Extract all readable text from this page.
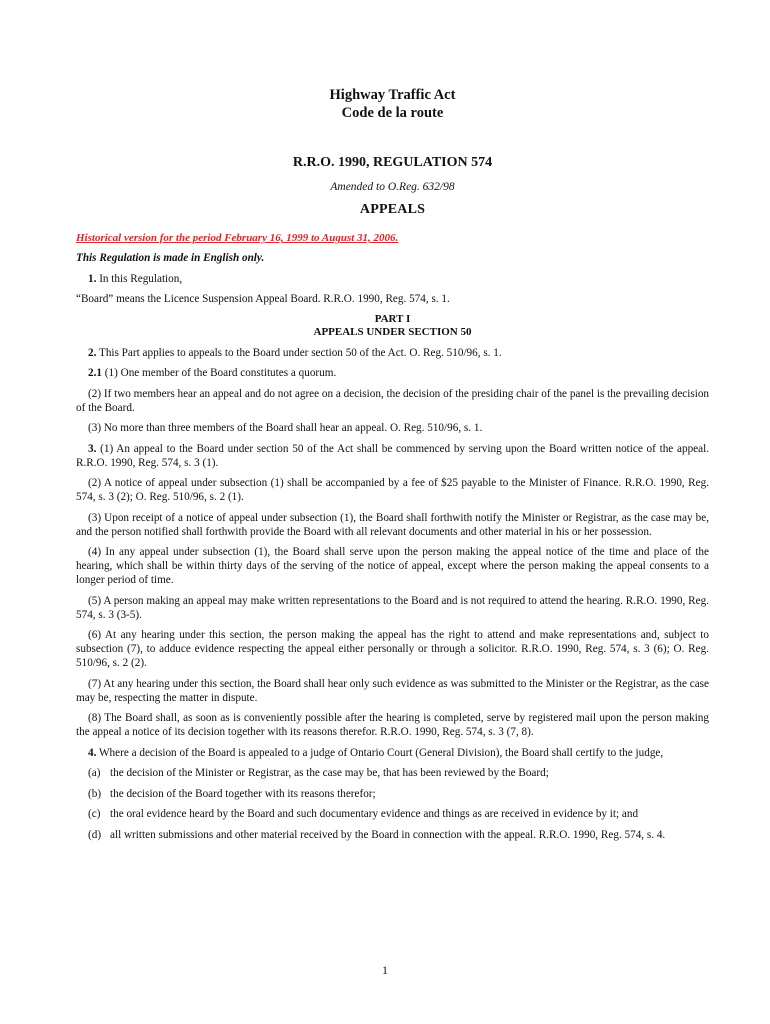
Highway Traffic Act
Code de la route
R.R.O. 1990, REGULATION 574
Amended to O.Reg. 632/98
APPEALS
Historical version for the period February 16, 1999 to August 31, 2006.

This Regulation is made in English only.

1. In this Regulation,

“Board” means the Licence Suspension Appeal Board. R.R.O. 1990, Reg. 574, s. 1.

PART I
APPEALS UNDER SECTION 50

2. This Part applies to appeals to the Board under section 50 of the Act. O. Reg. 510/96, s. 1.

2.1 (1) One member of the Board constitutes a quorum.

(2) If two members hear an appeal and do not agree on a decision, the decision of the presiding chair of the panel is the prevailing decision of the Board.

(3) No more than three members of the Board shall hear an appeal. O. Reg. 510/96, s. 1.

3. (1) An appeal to the Board under section 50 of the Act shall be commenced by serving upon the Board written notice of the appeal. R.R.O. 1990, Reg. 574, s. 3 (1).

(2) A notice of appeal under subsection (1) shall be accompanied by a fee of $25 payable to the Minister of Finance. R.R.O. 1990, Reg. 574, s. 3 (2); O. Reg. 510/96, s. 2 (1).

(3) Upon receipt of a notice of appeal under subsection (1), the Board shall forthwith notify the Minister or Registrar, as the case may be, and the person notified shall forthwith provide the Board with all relevant documents and other material in his or her possession.

(4) In any appeal under subsection (1), the Board shall serve upon the person making the appeal notice of the time and place of the hearing, which shall be within thirty days of the serving of the notice of appeal, except where the person making the appeal consents to a longer period of time.

(5) A person making an appeal may make written representations to the Board and is not required to attend the hearing. R.R.O. 1990, Reg. 574, s. 3 (3-5).

(6) At any hearing under this section, the person making the appeal has the right to attend and make representations and, subject to subsection (7), to adduce evidence respecting the appeal either personally or through a solicitor. R.R.O. 1990, Reg. 574, s. 3 (6); O. Reg. 510/96, s. 2 (2).

(7) At any hearing under this section, the Board shall hear only such evidence as was submitted to the Minister or the Registrar, as the case may be, respecting the matter in dispute.

(8) The Board shall, as soon as is conveniently possible after the hearing is completed, serve by registered mail upon the person making the appeal a notice of its decision together with its reasons therefor. R.R.O. 1990, Reg. 574, s. 3 (7, 8).

4. Where a decision of the Board is appealed to a judge of Ontario Court (General Division), the Board shall certify to the judge,

(a) the decision of the Minister or Registrar, as the case may be, that has been reviewed by the Board;
(b) the decision of the Board together with its reasons therefor;
(c) the oral evidence heard by the Board and such documentary evidence and things as are received in evidence by it; and
(d) all written submissions and other material received by the Board in connection with the appeal. R.R.O. 1990, Reg. 574, s. 4.
1
